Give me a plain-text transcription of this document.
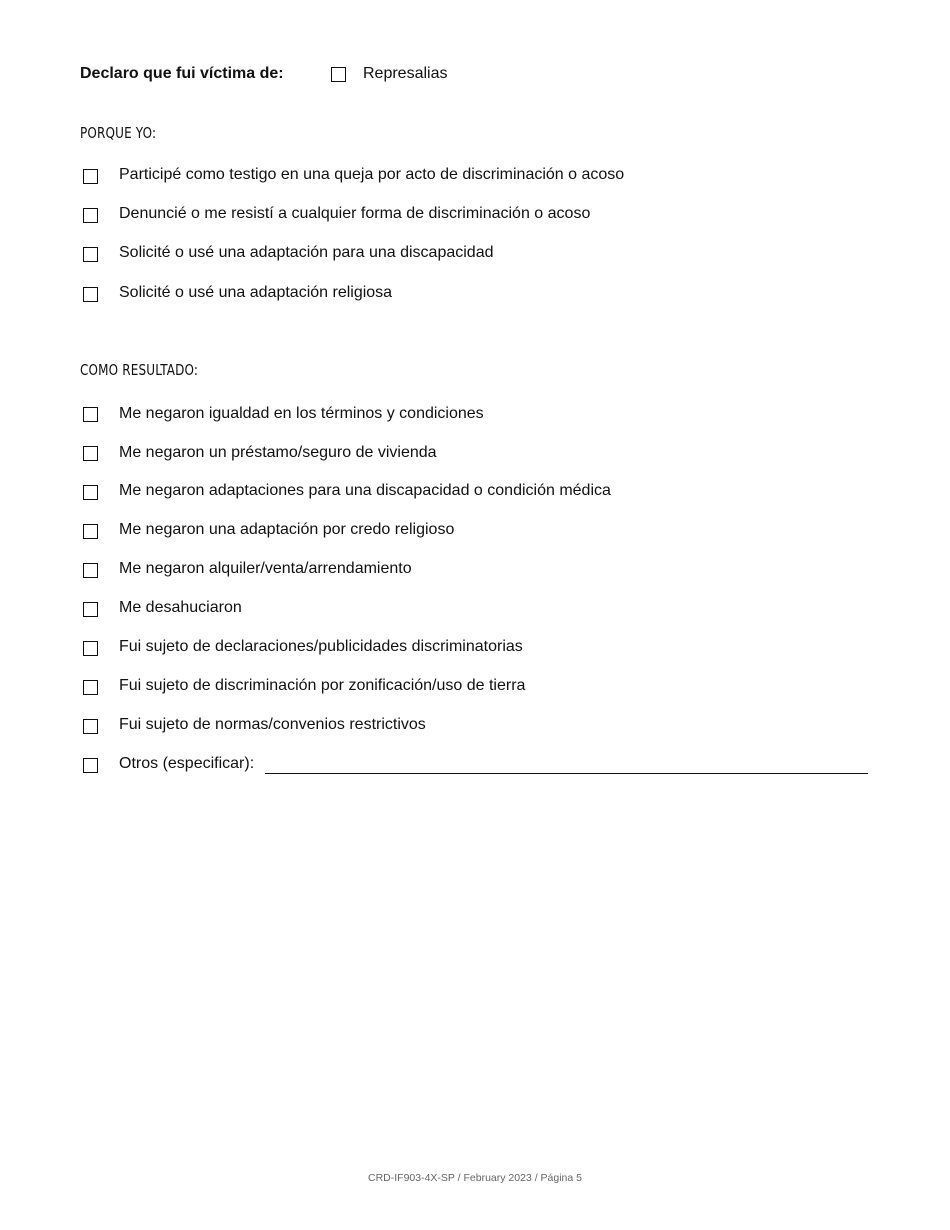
Declaro que fui víctima de:	Represalias
PORQUE YO:
Participé como testigo en una queja por acto de discriminación o acoso
Denuncié o me resistí a cualquier forma de discriminación o acoso
Solicité o usé una adaptación para una discapacidad
Solicité o usé una adaptación religiosa
COMO RESULTADO:
Me negaron igualdad en los términos y condiciones
Me negaron un préstamo/seguro de vivienda
Me negaron adaptaciones para una discapacidad o condición médica
Me negaron una adaptación por credo religioso
Me negaron alquiler/venta/arrendamiento
Me desahuciaron
Fui sujeto de declaraciones/publicidades discriminatorias
Fui sujeto de discriminación por zonificación/uso de tierra
Fui sujeto de normas/convenios restrictivos
Otros (especificar):
CRD-IF903-4X-SP / February 2023 / Página 5
